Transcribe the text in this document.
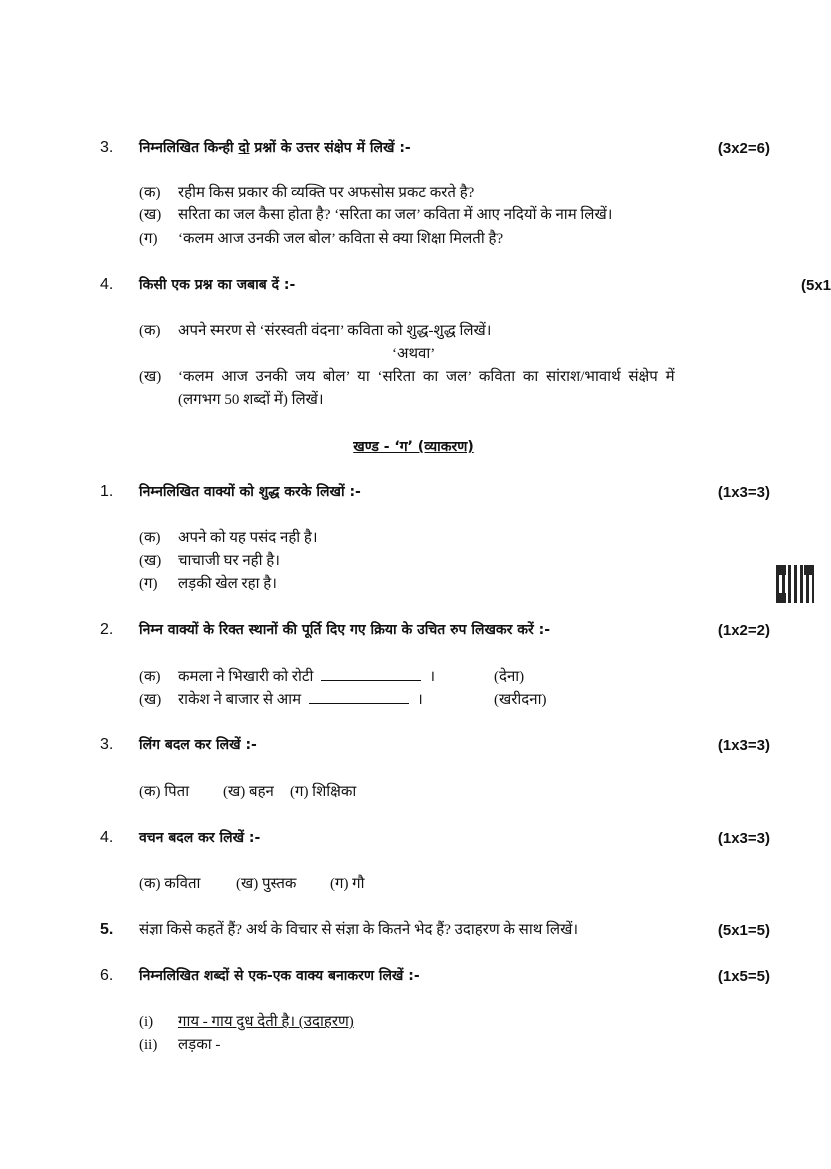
3. निम्नलिखित किन्ही दो प्रश्नों के उत्तर संक्षेप में लिखें :-	(3x2=6)
(क) रहीम किस प्रकार की व्यक्ति पर अफसोस प्रकट करते है?
(ख) सरिता का जल कैसा होता है? ‘सरिता का जल’ कविता में आए नदियों के नाम लिखें।
(ग) ‘कलम आज उनकी जल बोल’ कविता से क्या शिक्षा मिलती है?
4. किसी एक प्रश्न का जबाब दें :-	(5x1
(क) अपने स्मरण से ‘संरस्वती वंदना’ कविता को शुद्ध-शुद्ध लिखें।
‘अथवा’
(ख) ‘कलम आज उनकी जय बोल’ या ‘सरिता का जल’ कविता का सांराश/भावार्थ संक्षेप में
(लगभग 50 शब्दों में) लिखें।
खण्ड - ‘ग’ (व्याकरण)
1. निम्नलिखित वाक्यों को शुद्ध करके लिखों :-	(1x3=3)
(क) अपने को यह पसंद नही है।
(ख) चाचाजी घर नही है।
(ग) लड़की खेल रहा है।
2. निम्न वाक्यों के रिक्त स्थानों की पूर्ति दिए गए क्रिया के उचित रुप लिखकर करें :-	(1x2=2)
(क) कमला ने भिखारी को रोटी	।	(देना)
(ख) राकेश ने बाजार से आम	।	(खरीदना)
3. लिंग बदल कर लिखें :-	(1x3=3)
(क) पिता (ख) बहन (ग) शिक्षिका
4. वचन बदल कर लिखें :-	(1x3=3)
(क) कविता (ख) पुस्तक (ग) गौ
5. संज्ञा किसे कहतें हैं? अर्थ के विचार से संज्ञा के कितने भेद हैं? उदाहरण के साथ लिखें।	(5x1=5)
6. निम्नलिखित शब्दों से एक-एक वाक्य बनाकरण लिखें :-	(1x5=5)
(i) गाय - गाय दुध देती है। (उदाहरण)
(ii) लड़का -
